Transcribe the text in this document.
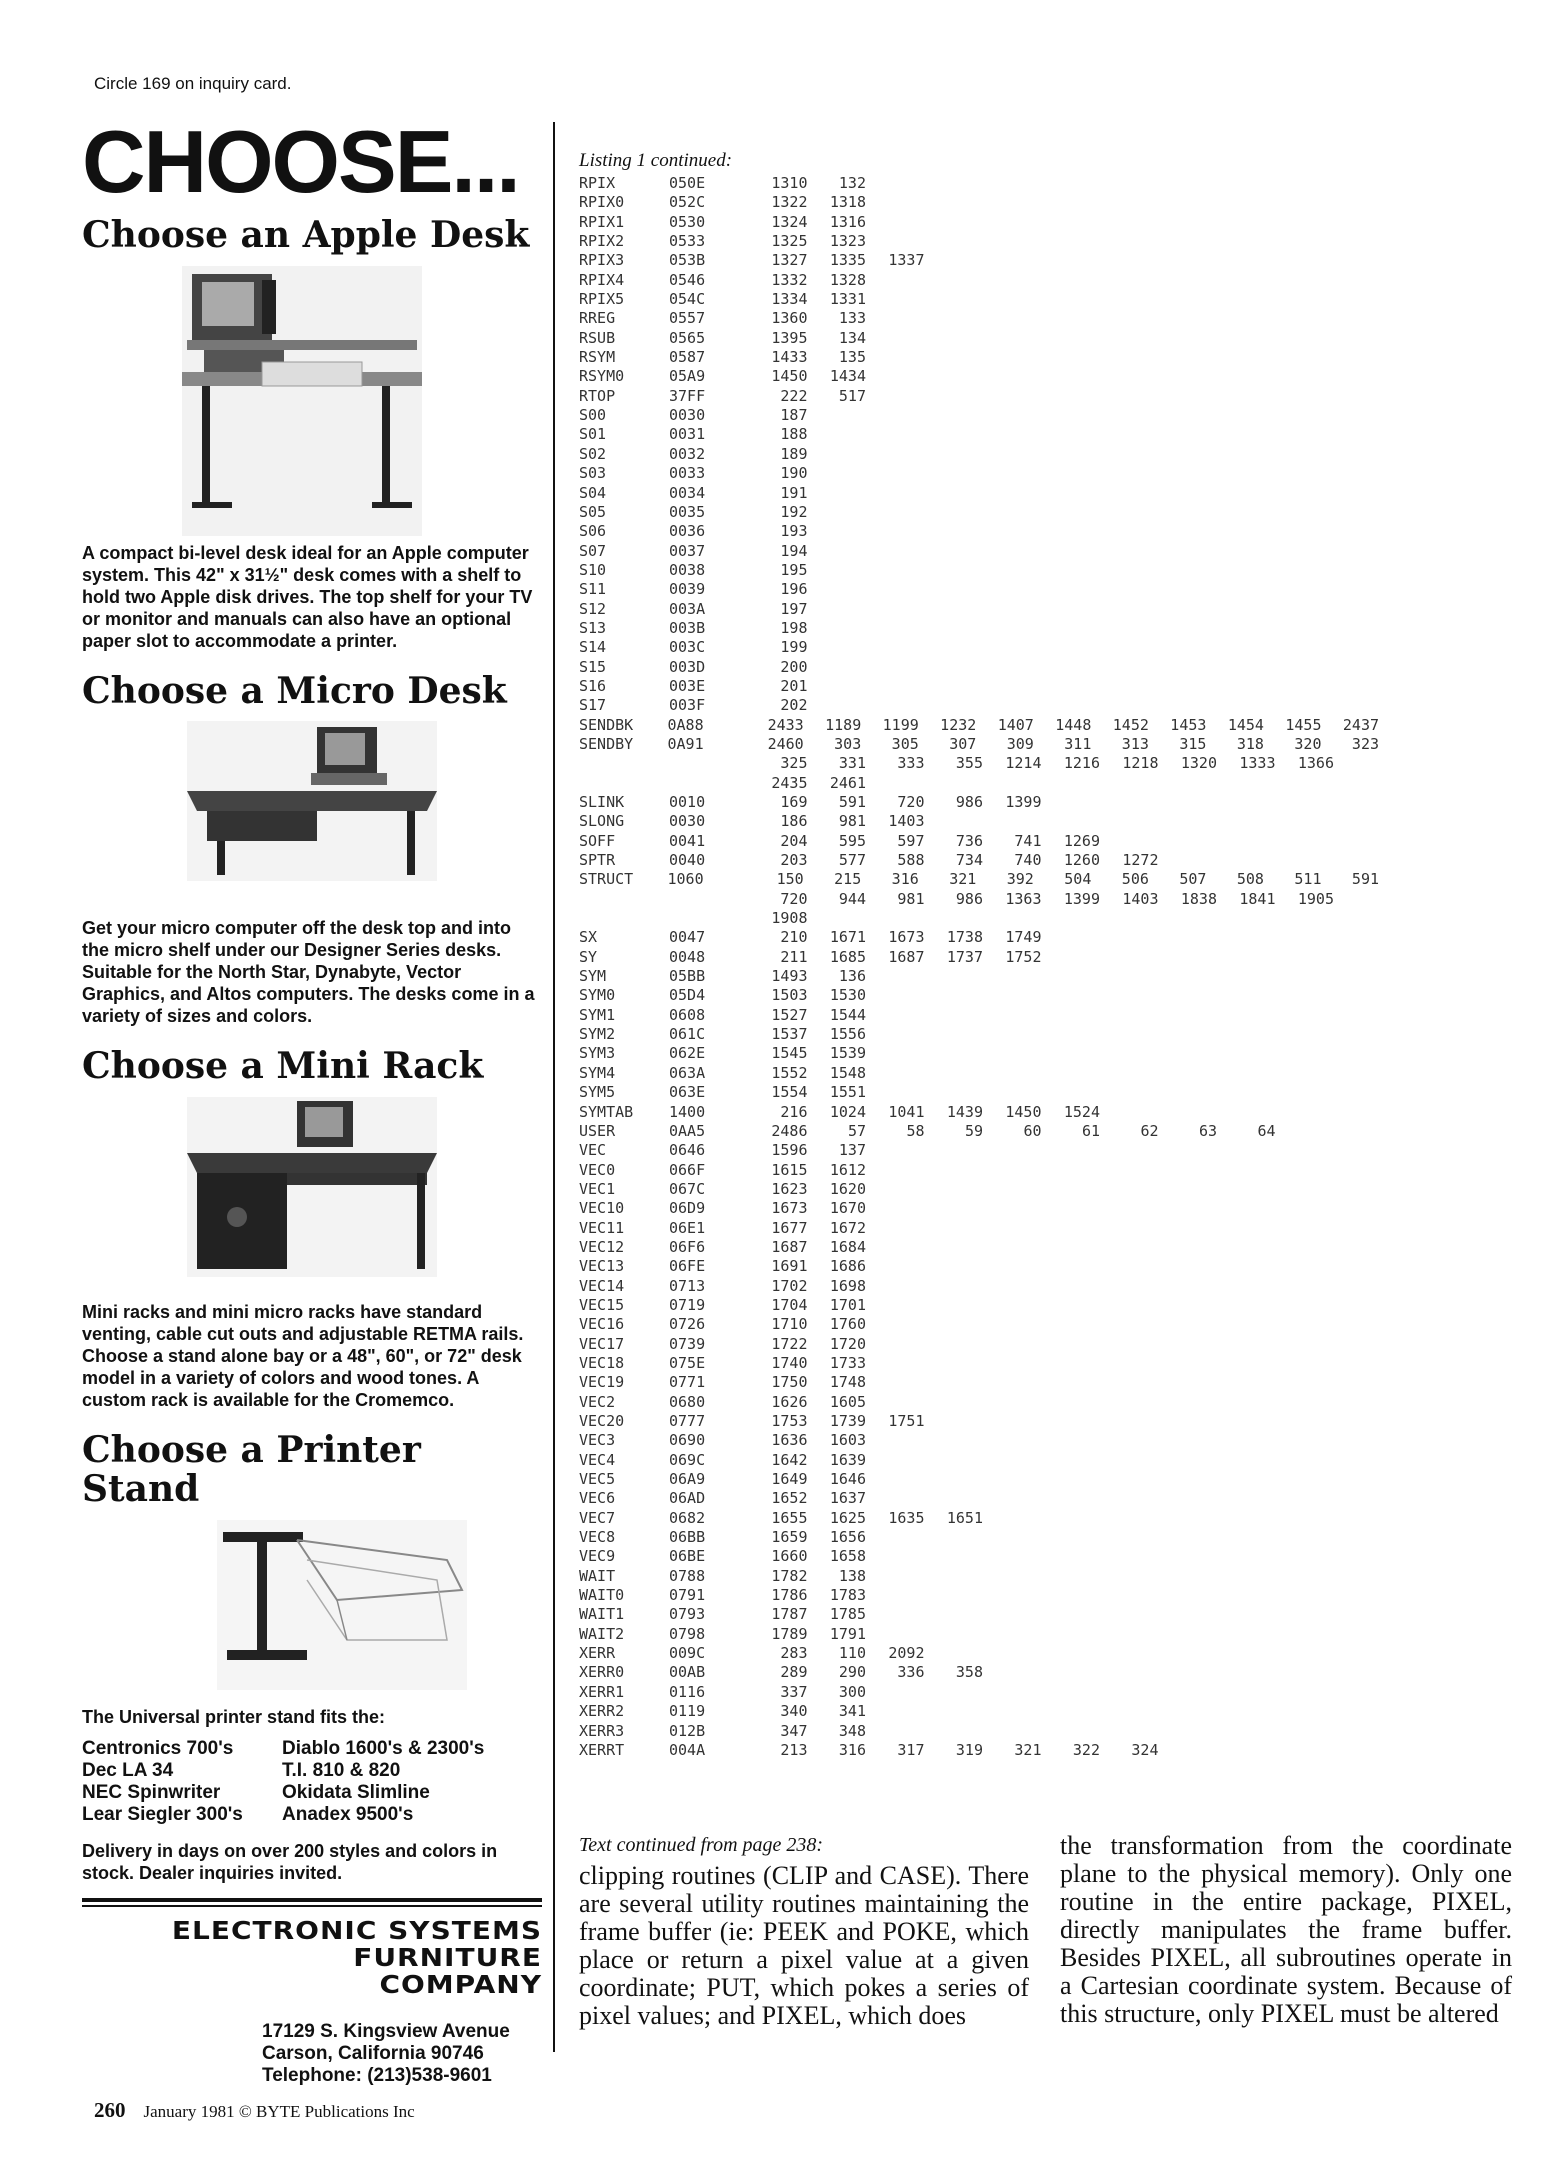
Circle 169 on inquiry card.
CHOOSE...
Choose an Apple Desk
A compact bi-level desk ideal for an Apple computer system. This 42" x 31½" desk comes with a shelf to hold two Apple disk drives. The top shelf for your TV or monitor and manuals can also have an optional paper slot to accommodate a printer.
Choose a Micro Desk
Get your micro computer off the desk top and into the micro shelf under our Designer Series desks. Suitable for the North Star, Dynabyte, Vector Graphics, and Altos computers. The desks come in a variety of sizes and colors.
Choose a Mini Rack
Mini racks and mini micro racks have standard venting, cable cut outs and adjustable RETMA rails. Choose a stand alone bay or a 48", 60", or 72" desk model in a variety of colors and wood tones. A custom rack is available for the Cromemco.
Choose a Printer Stand
The Universal printer stand fits the:
Centronics 700's	Diablo 1600's & 2300's
Dec LA 34	T.I. 810 & 820
NEC Spinwriter	Okidata Slimline
Lear Siegler 300's	Anadex 9500's
Delivery in days on over 200 styles and colors in stock. Dealer inquiries invited.
ELECTRONIC SYSTEMS
FURNITURE
COMPANY
17129 S. Kingsview Avenue
Carson, California 90746
Telephone: (213)538-9601
Listing 1 continued:
RPIX	050E	1310	132
RPIX0	052C	1322	1318
RPIX1	0530	1324	1316
RPIX2	0533	1325	1323
RPIX3	053B	1327	1335	1337
RPIX4	0546	1332	1328
RPIX5	054C	1334	1331
RREG	0557	1360	133
RSUB	0565	1395	134
RSYM	0587	1433	135
RSYM0	05A9	1450	1434
RTOP	37FF	222	517
S00	0030	187
S01	0031	188
S02	0032	189
S03	0033	190
S04	0034	191
S05	0035	192
S06	0036	193
S07	0037	194
S10	0038	195
S11	0039	196
S12	003A	197
S13	003B	198
S14	003C	199
S15	003D	200
S16	003E	201
S17	003F	202
SENDBK	0A88	2433	1189	1199	1232	1407	1448	1452	1453	1454	1455	2437
SENDBY	0A91	2460	303	305	307	309	311	313	315	318	320	323
325	331	333	355	1214	1216	1218	1320	1333	1366
2435	2461
SLINK	0010	169	591	720	986	1399
SLONG	0030	186	981	1403
SOFF	0041	204	595	597	736	741	1269
SPTR	0040	203	577	588	734	740	1260	1272
STRUCT	1060	150	215	316	321	392	504	506	507	508	511	591
720	944	981	986	1363	1399	1403	1838	1841	1905
1908
SX	0047	210	1671	1673	1738	1749
SY	0048	211	1685	1687	1737	1752
SYM	05BB	1493	136
SYM0	05D4	1503	1530
SYM1	0608	1527	1544
SYM2	061C	1537	1556
SYM3	062E	1545	1539
SYM4	063A	1552	1548
SYM5	063E	1554	1551
SYMTAB	1400	216	1024	1041	1439	1450	1524
USER	0AA5	2486	57	58	59	60	61	62	63	64
VEC	0646	1596	137
VEC0	066F	1615	1612
VEC1	067C	1623	1620
VEC10	06D9	1673	1670
VEC11	06E1	1677	1672
VEC12	06F6	1687	1684
VEC13	06FE	1691	1686
VEC14	0713	1702	1698
VEC15	0719	1704	1701
VEC16	0726	1710	1760
VEC17	0739	1722	1720
VEC18	075E	1740	1733
VEC19	0771	1750	1748
VEC2	0680	1626	1605
VEC20	0777	1753	1739	1751
VEC3	0690	1636	1603
VEC4	069C	1642	1639
VEC5	06A9	1649	1646
VEC6	06AD	1652	1637
VEC7	0682	1655	1625	1635	1651
VEC8	06BB	1659	1656
VEC9	06BE	1660	1658
WAIT	0788	1782	138
WAIT0	0791	1786	1783
WAIT1	0793	1787	1785
WAIT2	0798	1789	1791
XERR	009C	283	110	2092
XERR0	00AB	289	290	336	358
XERR1	0116	337	300
XERR2	0119	340	341
XERR3	012B	347	348
XERRT	004A	213	316	317	319	321	322	324
Text continued from page 238:
clipping routines (CLIP and CASE). There are several utility routines maintaining the frame buffer (ie: PEEK and POKE, which place or return a pixel value at a given coordinate; PUT, which pokes a series of pixel values; and PIXEL, which does
the transformation from the coordinate plane to the physical memory). Only one routine in the entire package, PIXEL, directly manipulates the frame buffer. Besides PIXEL, all subroutines operate in a Cartesian coordinate system. Because of this structure, only PIXEL must be altered
260 January 1981 © BYTE Publications Inc
